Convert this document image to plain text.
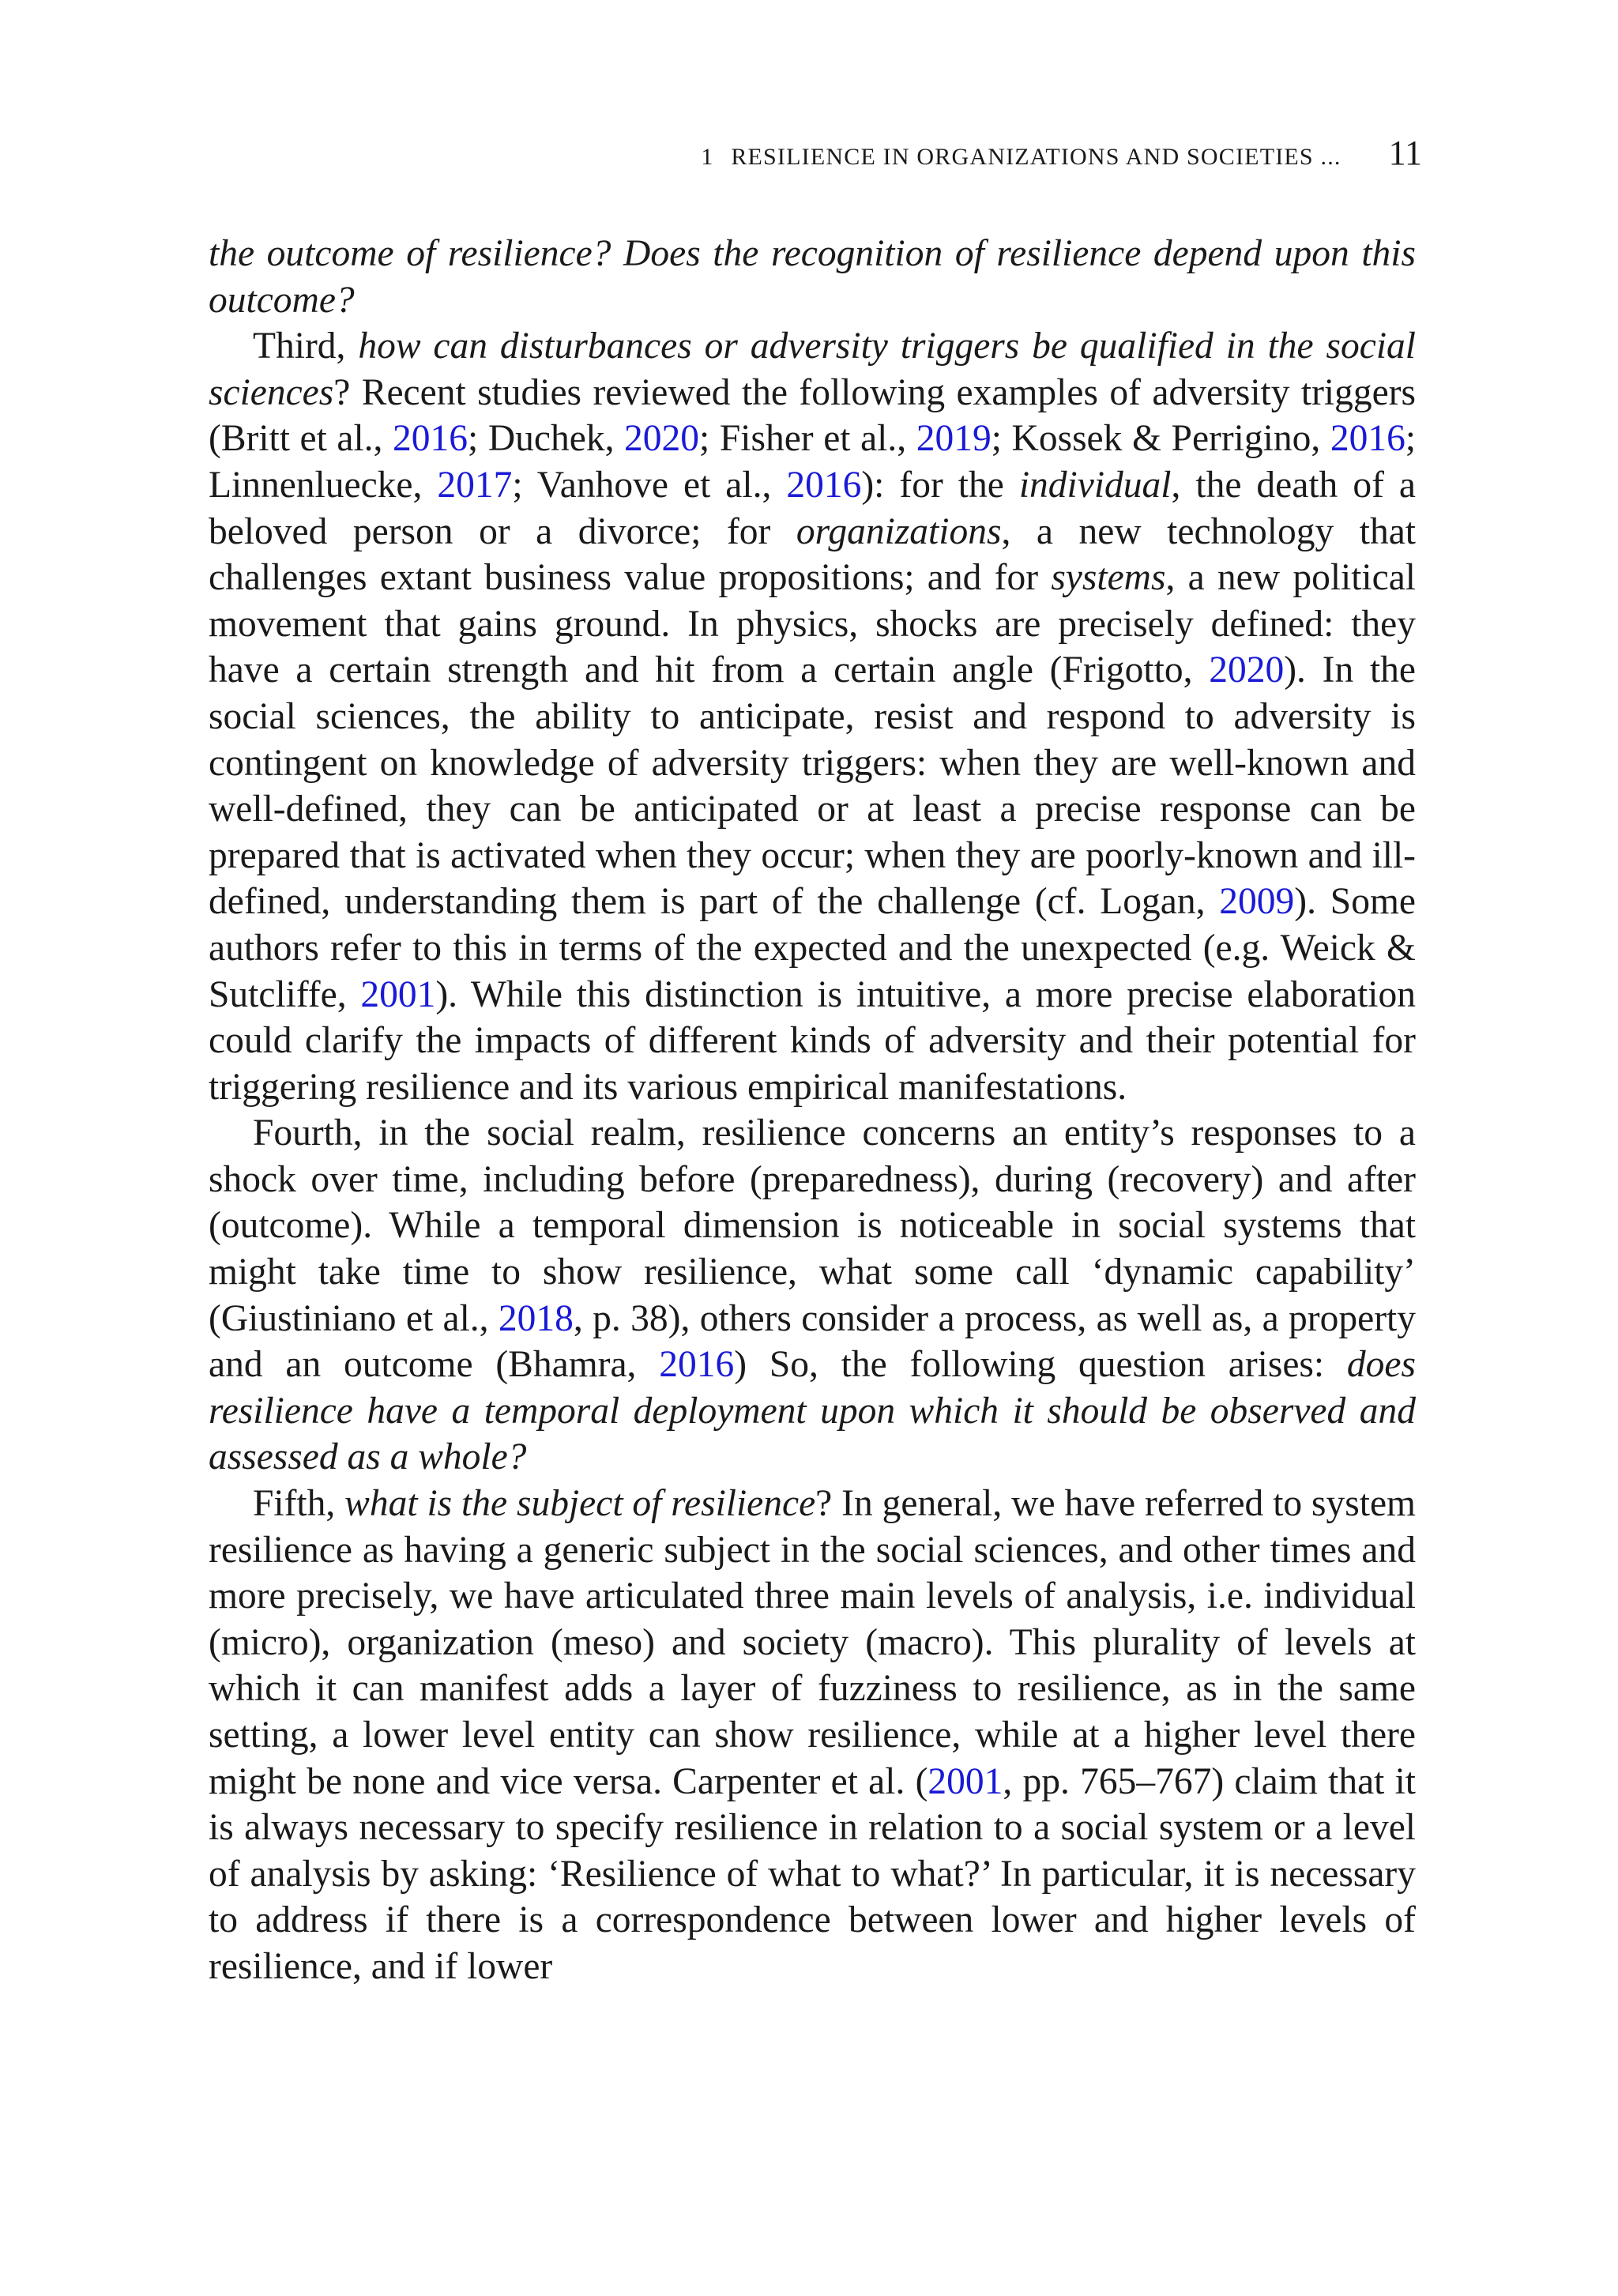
1 RESILIENCE IN ORGANIZATIONS AND SOCIETIES ... 11

the outcome of resilience? Does the recognition of resilience depend upon this outcome?

Third, how can disturbances or adversity triggers be qualified in the social sciences? Recent studies reviewed the following examples of adversity triggers (Britt et al., 2016; Duchek, 2020; Fisher et al., 2019; Kossek & Perrigino, 2016; Linnenluecke, 2017; Vanhove et al., 2016): for the individual, the death of a beloved person or a divorce; for organizations, a new technology that challenges extant business value propositions; and for systems, a new political movement that gains ground. In physics, shocks are precisely defined: they have a certain strength and hit from a certain angle (Frigotto, 2020). In the social sciences, the ability to anticipate, resist and respond to adversity is contingent on knowledge of adversity triggers: when they are well-known and well-defined, they can be anticipated or at least a precise response can be prepared that is activated when they occur; when they are poorly-known and ill-defined, understanding them is part of the challenge (cf. Logan, 2009). Some authors refer to this in terms of the expected and the unexpected (e.g. Weick & Sutcliffe, 2001). While this distinction is intuitive, a more precise elaboration could clarify the impacts of different kinds of adversity and their potential for triggering resilience and its various empirical manifestations.

Fourth, in the social realm, resilience concerns an entity’s responses to a shock over time, including before (preparedness), during (recovery) and after (outcome). While a temporal dimension is noticeable in social systems that might take time to show resilience, what some call ‘dynamic capability’ (Giustiniano et al., 2018, p. 38), others consider a process, as well as, a property and an outcome (Bhamra, 2016) So, the following question arises: does resilience have a temporal deployment upon which it should be observed and assessed as a whole?

Fifth, what is the subject of resilience? In general, we have referred to system resilience as having a generic subject in the social sciences, and other times and more precisely, we have articulated three main levels of analysis, i.e. individual (micro), organization (meso) and society (macro). This plurality of levels at which it can manifest adds a layer of fuzziness to resilience, as in the same setting, a lower level entity can show resilience, while at a higher level there might be none and vice versa. Carpenter et al. (2001, pp. 765–767) claim that it is always necessary to specify resilience in relation to a social system or a level of analysis by asking: ‘Resilience of what to what?’ In particular, it is necessary to address if there is a correspondence between lower and higher levels of resilience, and if lower
